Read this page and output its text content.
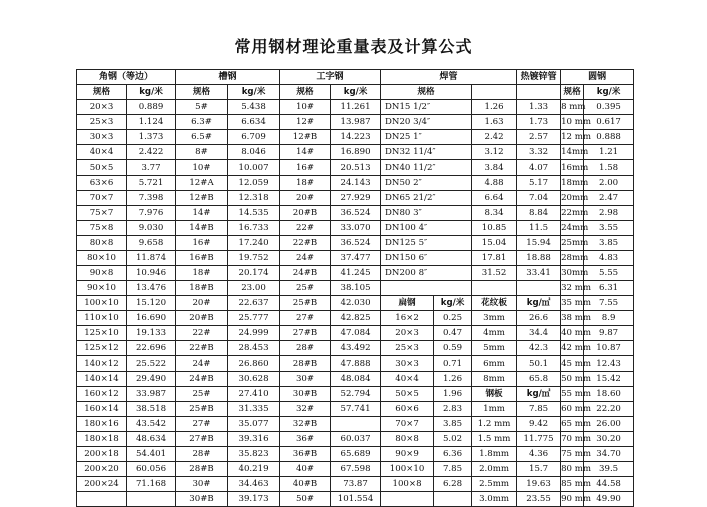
常用钢材理论重量表及计算公式
角钢（等边）		槽钢		工字钢		焊管			热镀锌管	圆钢	
规格	kg/米	规格	kg/米	规格	kg/米	规格				规格	kg/米
20×3	0.889	5#	5.438	10#	11.261	DN15 1/2″		1.26	1.33	8 mm	0.395
25×3	1.124	6.3#	6.634	12#	13.987	DN20 3/4″		1.63	1.73	10 mm	0.617
30×3	1.373	6.5#	6.709	12#B	14.223	DN25 1″		2.42	2.57	12 mm	0.888
40×4	2.422	8#	8.046	14#	16.890	DN32 11/4″		3.12	3.32	14mm	1.21
50×5	3.77	10#	10.007	16#	20.513	DN40 11/2″		3.84	4.07	16mm	1.58
63×6	5.721	12#A	12.059	18#	24.143	DN50 2″		4.88	5.17	18mm	2.00
70×7	7.398	12#B	12.318	20#	27.929	DN65 21/2″		6.64	7.04	20mm	2.47
75×7	7.976	14#	14.535	20#B	36.524	DN80 3″		8.34	8.84	22mm	2.98
75×8	9.030	14#B	16.733	22#	33.070	DN100 4″		10.85	11.5	24mm	3.55
80×8	9.658	16#	17.240	22#B	36.524	DN125 5″		15.04	15.94	25mm	3.85
80×10	11.874	16#B	19.752	24#	37.477	DN150 6″		17.81	18.88	28mm	4.83
90×8	10.946	18#	20.174	24#B	41.245	DN200 8″		31.52	33.41	30mm	5.55
90×10	13.476	18#B	23.00	25#	38.105					32 mm	6.31
100×10	15.120	20#	22.637	25#B	42.030	扁钢	kg/米	花纹板	kg/㎡	35 mm	7.55
110×10	16.690	20#B	25.777	27#	42.825	16×2	0.25	3mm	26.6	38 mm	8.9
125×10	19.133	22#	24.999	27#B	47.084	20×3	0.47	4mm	34.4	40 mm	9.87
125×12	22.696	22#B	28.453	28#	43.492	25×3	0.59	5mm	42.3	42 mm	10.87
140×12	25.522	24#	26.860	28#B	47.888	30×3	0.71	6mm	50.1	45 mm	12.43
140×14	29.490	24#B	30.628	30#	48.084	40×4	1.26	8mm	65.8	50 mm	15.42
160×12	33.987	25#	27.410	30#B	52.794	50×5	1.96	钢板	kg/㎡	55 mm	18.60
160×14	38.518	25#B	31.335	32#	57.741	60×6	2.83	1mm	7.85	60 mm	22.20
180×16	43.542	27#	35.077	32#B		70×7	3.85	1.2 mm	9.42	65 mm	26.00
180×18	48.634	27#B	39.316	36#	60.037	80×8	5.02	1.5 mm	11.775	70 mm	30.20
200×18	54.401	28#	35.823	36#B	65.689	90×9	6.36	1.8mm	4.36	75 mm	34.70
200×20	60.056	28#B	40.219	40#	67.598	100×10	7.85	2.0mm	15.7	80 mm	39.5
200×24	71.168	30#	34.463	40#B	73.87	100×8	6.28	2.5mm	19.63	85 mm	44.58
		30#B	39.173	50#	101.554			3.0mm	23.55	90 mm	49.90
